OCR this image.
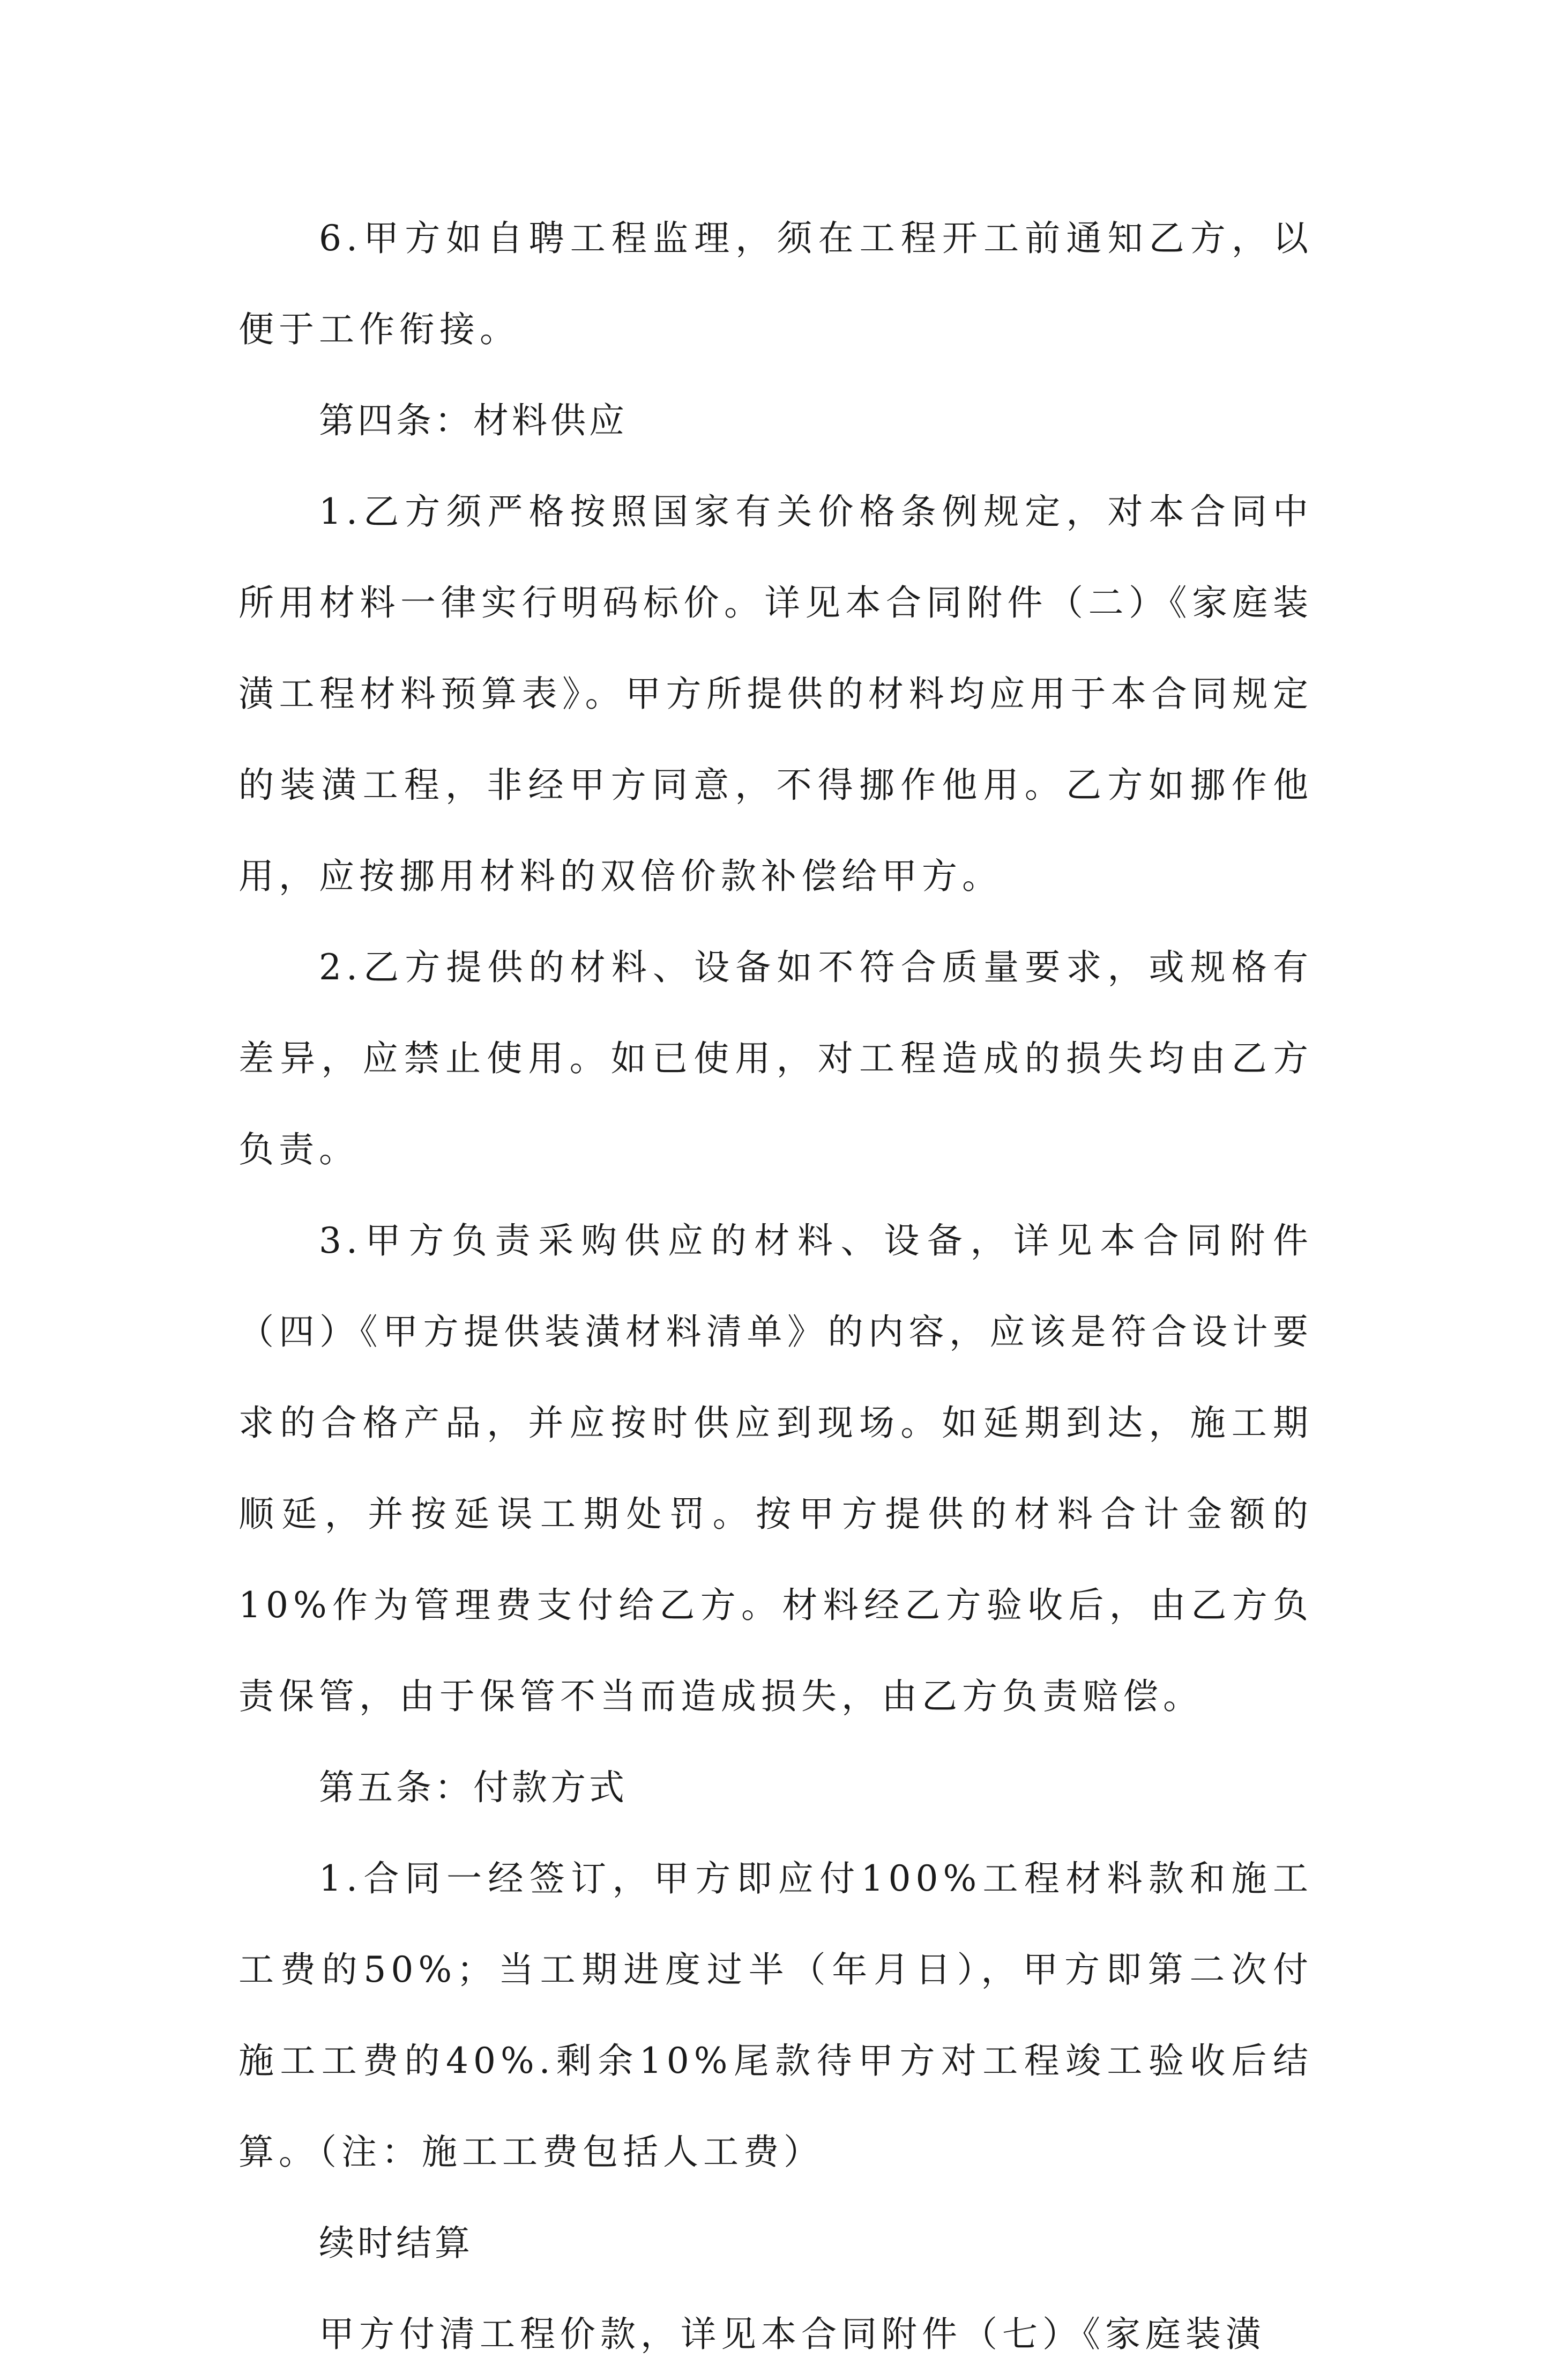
6.甲方如自聘工程监理，须在工程开工前通知乙方，以便于工作衔接。

第四条：材料供应

1.乙方须严格按照国家有关价格条例规定，对本合同中所用材料一律实行明码标价。详见本合同附件（二）《家庭装潢工程材料预算表》。甲方所提供的材料均应用于本合同规定的装潢工程，非经甲方同意，不得挪作他用。乙方如挪作他用，应按挪用材料的双倍价款补偿给甲方。

2.乙方提供的材料、设备如不符合质量要求，或规格有差异，应禁止使用。如已使用，对工程造成的损失均由乙方负责。

3.甲方负责采购供应的材料、设备，详见本合同附件（四）《甲方提供装潢材料清单》的内容，应该是符合设计要求的合格产品，并应按时供应到现场。如延期到达，施工期顺延，并按延误工期处罚。按甲方提供的材料合计金额的10%作为管理费支付给乙方。材料经乙方验收后，由乙方负责保管，由于保管不当而造成损失，由乙方负责赔偿。

第五条：付款方式

1.合同一经签订，甲方即应付100%工程材料款和施工工费的50%；当工期进度过半（年月日），甲方即第二次付施工工费的40%.剩余10%尾款待甲方对工程竣工验收后结算。（注：施工工费包括人工费）

续时结算

甲方付清工程价款，详见本合同附件（七）《家庭装潢
